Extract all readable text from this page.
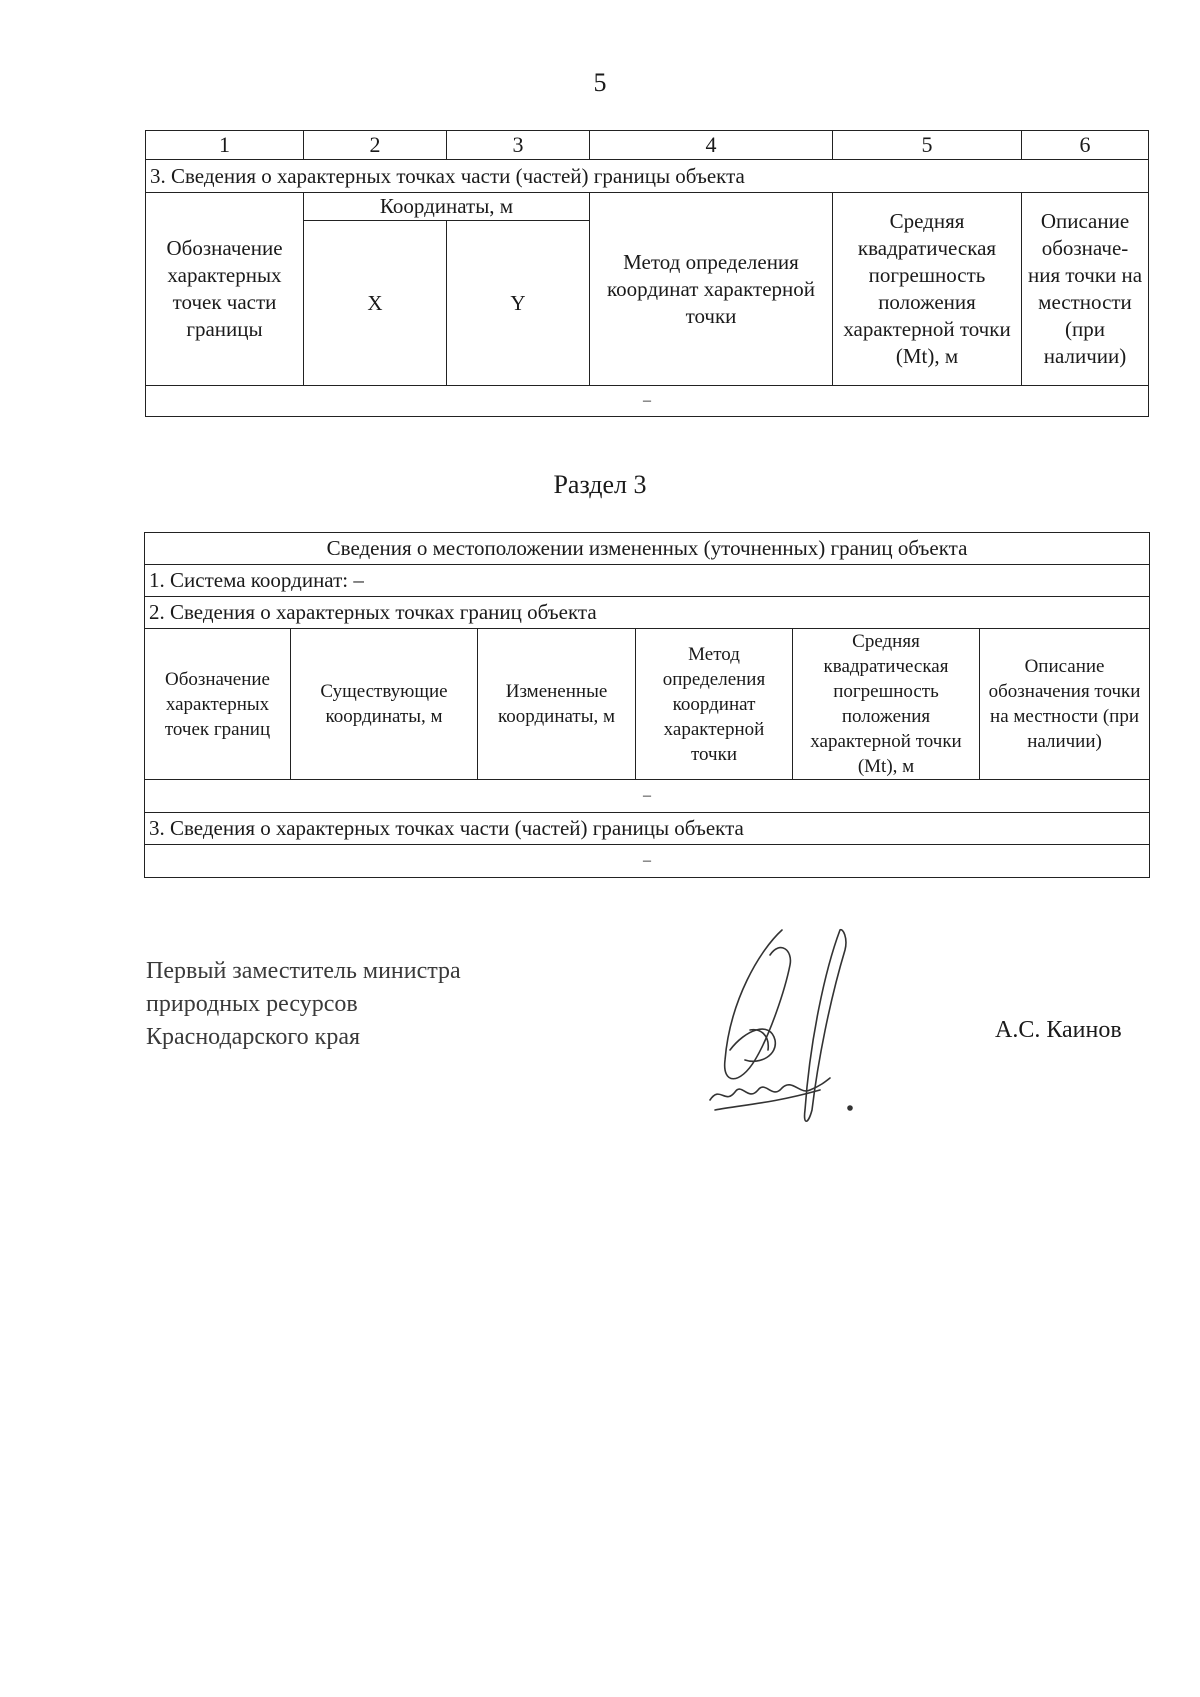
5
1	2	3	4	5	6
3. Сведения о характерных точках части (частей) границы объекта					
Обозначение характерных точек части границы	Координаты, м		Метод определения координат характерной точки	Средняя квадратическая погрешность положения характерной точки (Mt), м	Описание обозначе-ния точки на местности (при наличии)
	X	Y			
–					
Раздел 3
Сведения о местоположении измененных (уточненных) границ объекта
1. Система координат: –
2. Сведения о характерных точках границ объекта
Обозначение характерных точек границ	Существующие координаты, м	Измененные координаты, м	Метод определения координат характерной точки	Средняя квадратическая погрешность положения характерной точки (Mt), м	Описание обозначения точки на местности (при наличии)
–
3. Сведения о характерных точках части (частей) границы объекта
–
Первый заместитель министра
природных ресурсов
Краснодарского края	А.С. Каинов
